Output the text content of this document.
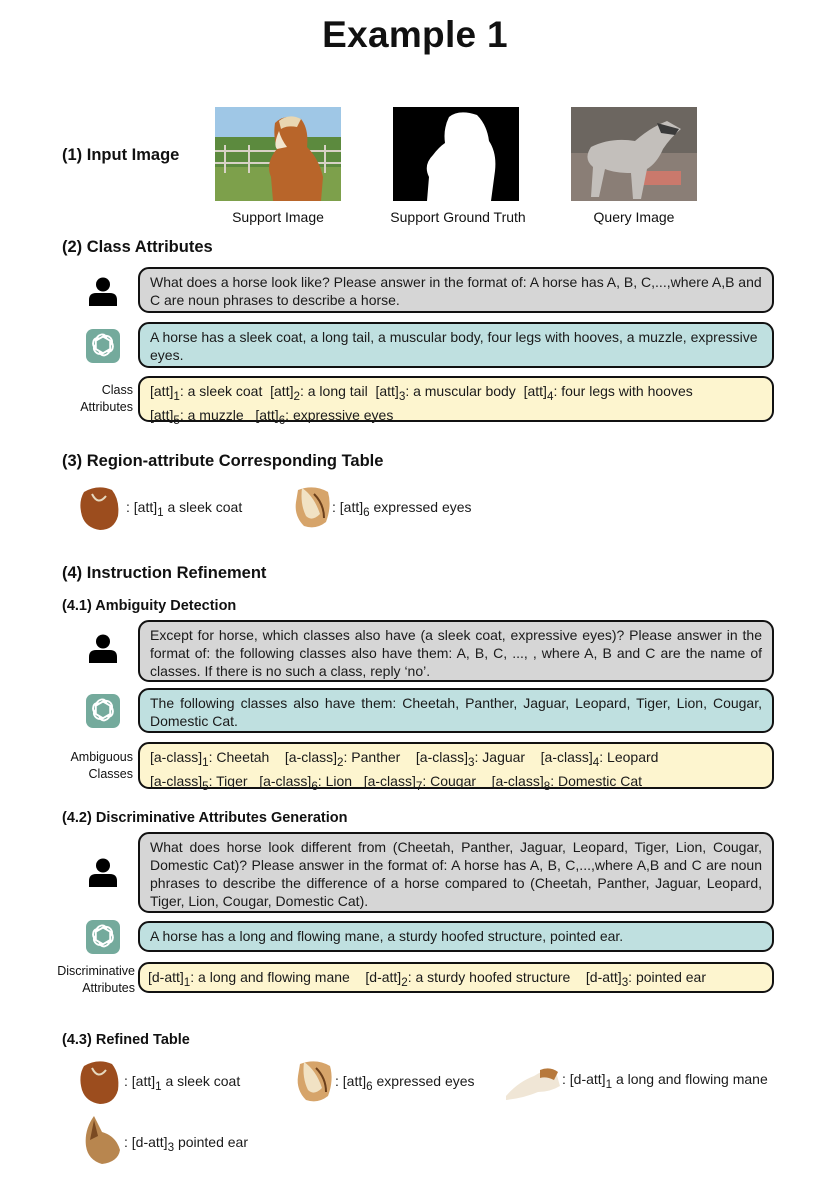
Example 1
(1) Input Image
Support Image	Support Ground Truth	Query Image
(2) Class Attributes
What does a horse look like? Please answer in the format of: A horse has A, B, C,...,where A,B and C are noun phrases to describe a horse.
A horse has a sleek coat, a long tail, a muscular body, four legs with hooves, a muzzle, expressive eyes.
Class
Attributes
$[att]_1$: a sleek coat $[att]_2$: a long tail $[att]_3$: a muscular body $[att]_4$: four legs with hooves
$[att]_5$: a muzzle $[att]_6$: expressive eyes
(3) Region-attribute Corresponding Table
: $[att]_1$ a sleek coat	: $[att]_6$ expressed eyes
(4) Instruction Refinement
(4.1) Ambiguity Detection
Except for horse, which classes also have (a sleek coat, expressive eyes)? Please answer in the format of: the following classes also have them: A, B, C, ..., , where A, B and C are the name of classes. If there is no such a class, reply ‘no’.
The following classes also have them: Cheetah, Panther, Jaguar, Leopard, Tiger, Lion, Cougar, Domestic Cat.
Ambiguous
Classes
$[a-class]_1$: Cheetah $[a-class]_2$: Panther $[a-class]_3$: Jaguar $[a-class]_4$: Leopard
$[a-class]_5$: Tiger $[a-class]_6$: Lion $[a-class]_7$: Cougar $[a-class]_8$: Domestic Cat
(4.2) Discriminative Attributes Generation
What does horse look different from (Cheetah, Panther, Jaguar, Leopard, Tiger, Lion, Cougar, Domestic Cat)? Please answer in the format of: A horse has A, B, C,...,where A,B and C are noun phrases to describe the difference of a horse compared to (Cheetah, Panther, Jaguar, Leopard, Tiger, Lion, Cougar, Domestic Cat).
A horse has a long and flowing mane, a sturdy hoofed structure, pointed ear.
Discriminative
Attributes
$[d-att]_1$: a long and flowing mane $[d-att]_2$: a sturdy hoofed structure $[d-att]_3$: pointed ear
(4.3) Refined Table
: $[att]_1$ a sleek coat	: $[att]_6$ expressed eyes	: $[d-att]_1$ a long and flowing mane
: $[d-att]_3$ pointed ear
